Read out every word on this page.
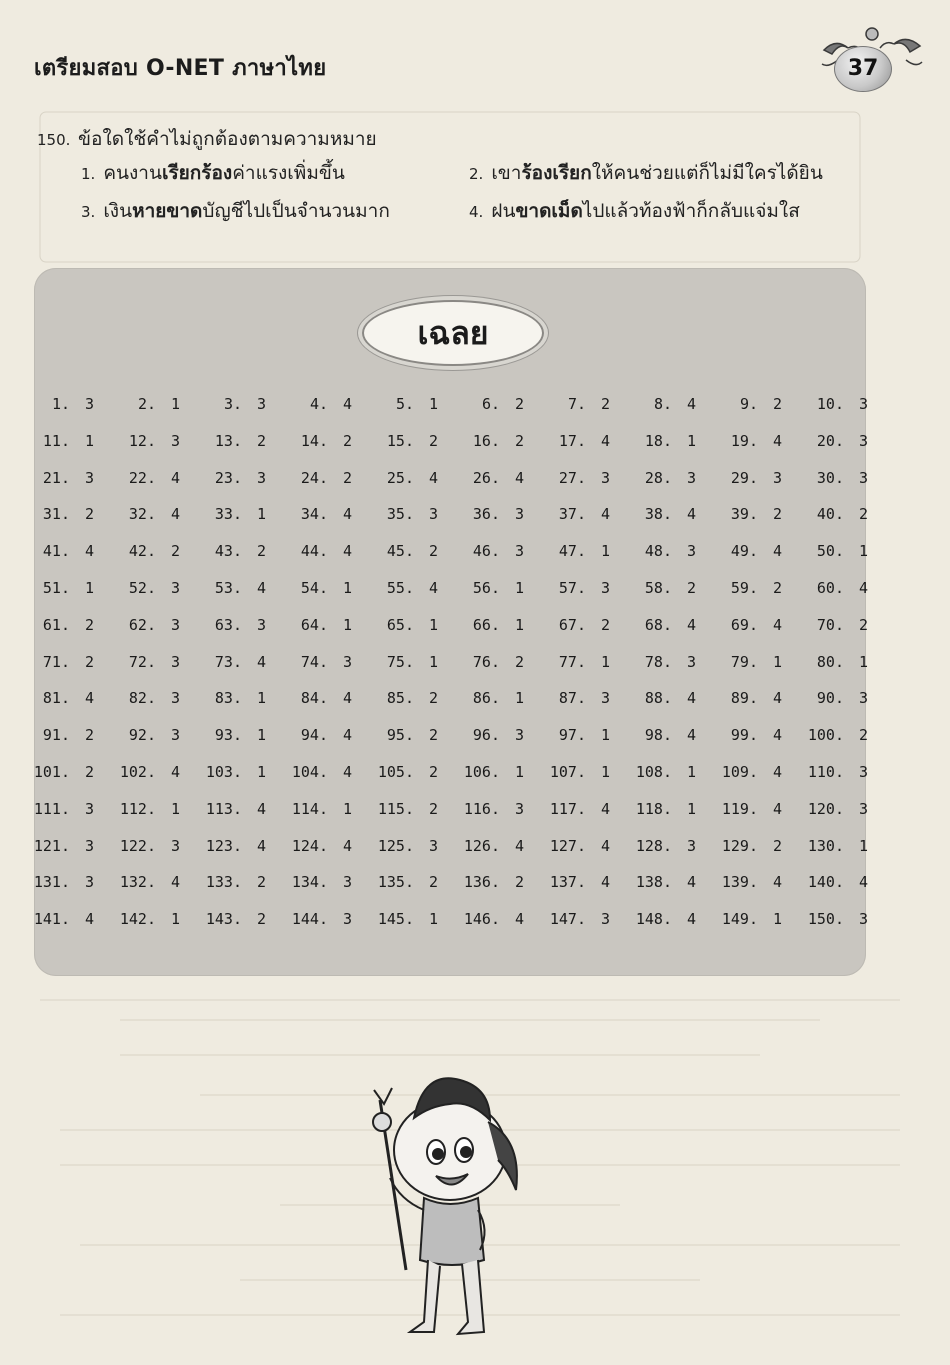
เตรียมสอบ O-NET ภาษาไทย	37
150. ข้อใดใช้คำไม่ถูกต้องตามความหมาย
1. คนงานเรียกร้องค่าแรงเพิ่มขึ้น	2. เขาร้องเรียกให้คนช่วยแต่ก็ไม่มีใครได้ยิน
3. เงินหายขาดบัญชีไปเป็นจำนวนมาก	4. ฝนขาดเม็ดไปแล้วท้องฟ้าก็กลับแจ่มใส
เฉลย
1. 3	2. 1	3. 3	4. 4	5. 1	6. 2	7. 2	8. 4	9. 2	10. 3
11. 1	12. 3	13. 2	14. 2	15. 2	16. 2	17. 4	18. 1	19. 4	20. 3
21. 3	22. 4	23. 3	24. 2	25. 4	26. 4	27. 3	28. 3	29. 3	30. 3
31. 2	32. 4	33. 1	34. 4	35. 3	36. 3	37. 4	38. 4	39. 2	40. 2
41. 4	42. 2	43. 2	44. 4	45. 2	46. 3	47. 1	48. 3	49. 4	50. 1
51. 1	52. 3	53. 4	54. 1	55. 4	56. 1	57. 3	58. 2	59. 2	60. 4
61. 2	62. 3	63. 3	64. 1	65. 1	66. 1	67. 2	68. 4	69. 4	70. 2
71. 2	72. 3	73. 4	74. 3	75. 1	76. 2	77. 1	78. 3	79. 1	80. 1
81. 4	82. 3	83. 1	84. 4	85. 2	86. 1	87. 3	88. 4	89. 4	90. 3
91. 2	92. 3	93. 1	94. 4	95. 2	96. 3	97. 1	98. 4	99. 4	100. 2
101. 2	102. 4	103. 1	104. 4	105. 2	106. 1	107. 1	108. 1	109. 4	110. 3
111. 3	112. 1	113. 4	114. 1	115. 2	116. 3	117. 4	118. 1	119. 4	120. 3
121. 3	122. 3	123. 4	124. 4	125. 3	126. 4	127. 4	128. 3	129. 2	130. 1
131. 3	132. 4	133. 2	134. 3	135. 2	136. 2	137. 4	138. 4	139. 4	140. 4
141. 4	142. 1	143. 2	144. 3	145. 1	146. 4	147. 3	148. 4	149. 1	150. 3
